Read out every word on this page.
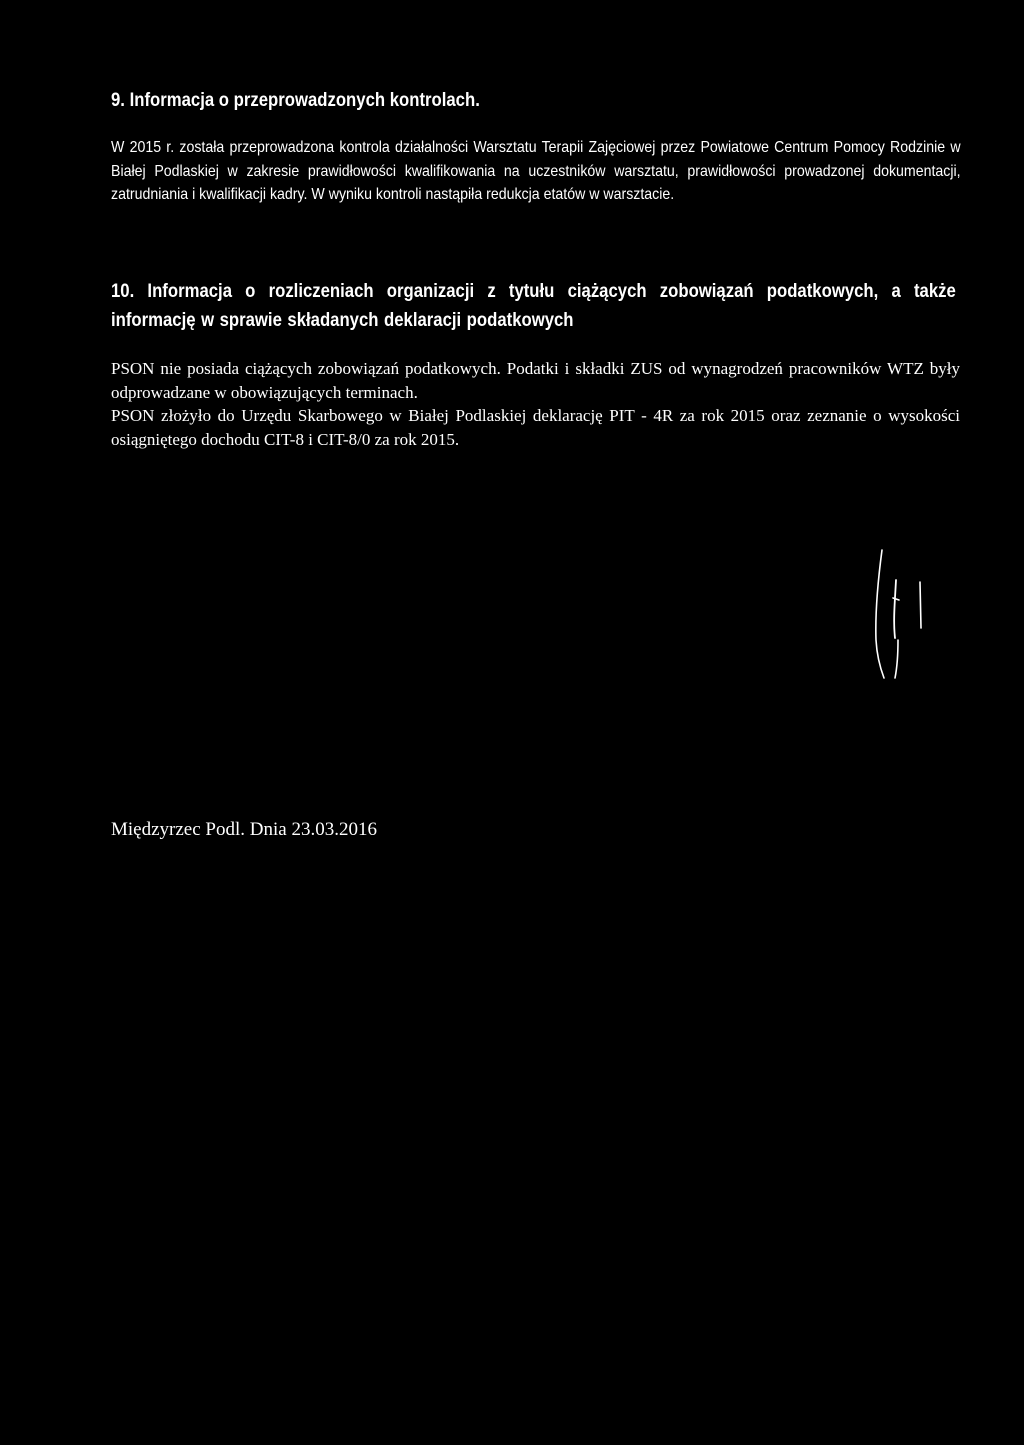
9. Informacja o przeprowadzonych kontrolach.

W 2015 r. została przeprowadzona kontrola działalności Warsztatu Terapii Zajęciowej przez Powiatowe Centrum Pomocy Rodzinie w Białej Podlaskiej w zakresie prawidłowości kwalifikowania na uczestników warsztatu, prawidłowości prowadzonej dokumentacji, zatrudniania i kwalifikacji kadry. W wyniku kontroli nastąpiła redukcja etatów w warsztacie.

10. Informacja o rozliczeniach organizacji z tytułu ciążących zobowiązań podatkowych, a także informację w sprawie składanych deklaracji podatkowych

PSON nie posiada ciążących zobowiązań podatkowych. Podatki i składki ZUS od wynagrodzeń pracowników WTZ były odprowadzane w obowiązujących terminach.

PSON złożyło do Urzędu Skarbowego w Białej Podlaskiej deklarację PIT - 4R za rok 2015 oraz zeznanie o wysokości osiągniętego dochodu CIT-8 i CIT-8/0 za rok 2015.

Międzyrzec Podl. Dnia 23.03.2016
